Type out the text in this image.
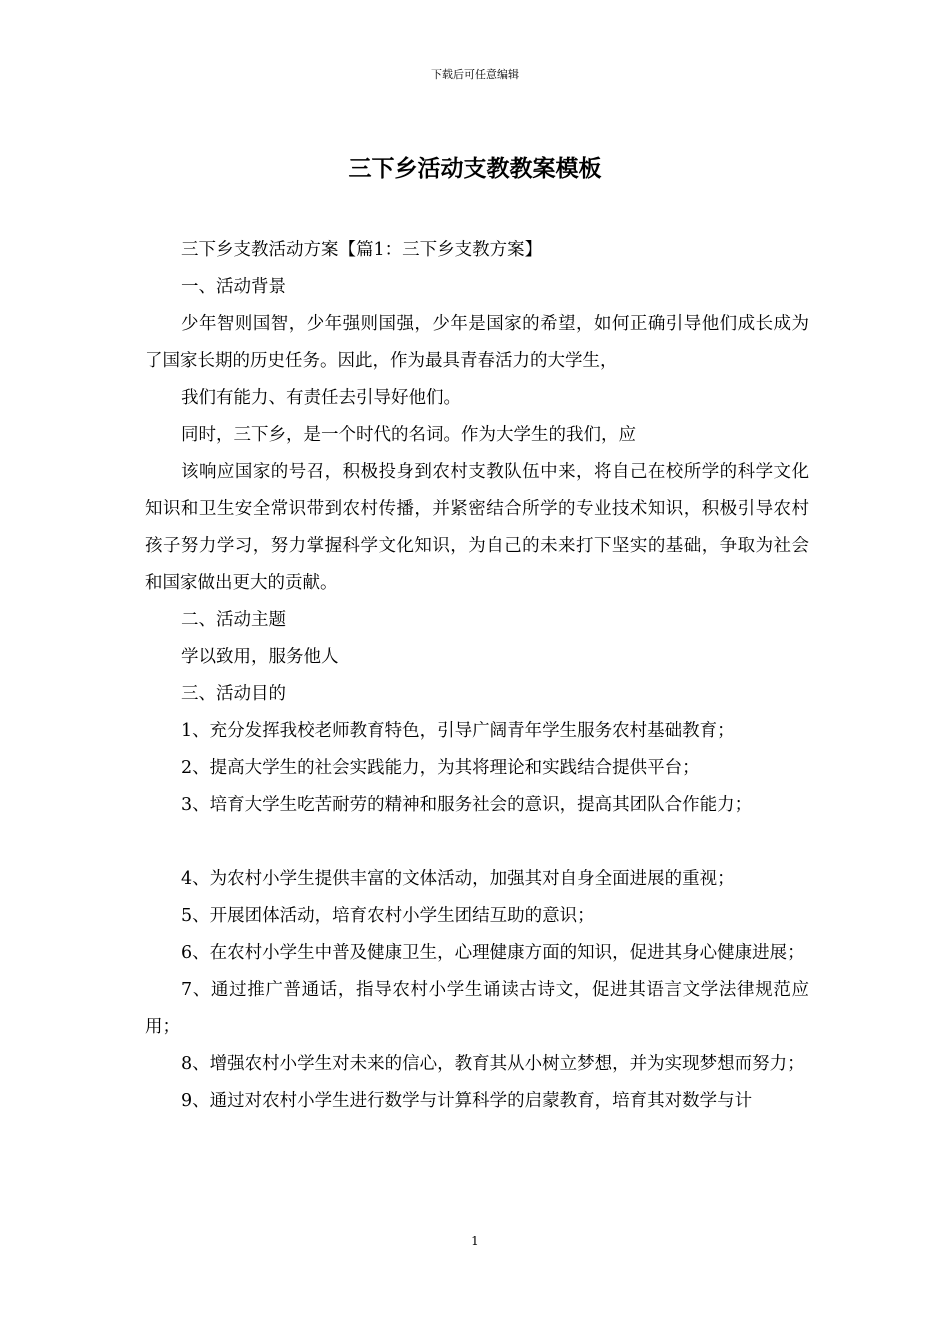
下载后可任意编辑
三下乡活动支教教案模板

三下乡支教活动方案【篇1：三下乡支教方案】

一、活动背景

少年智则国智，少年强则国强，少年是国家的希望，如何正确引导他们成长成为了国家长期的历史任务。因此，作为最具青春活力的大学生，

我们有能力、有责任去引导好他们。

同时，三下乡，是一个时代的名词。作为大学生的我们，应

该响应国家的号召，积极投身到农村支教队伍中来，将自己在校所学的科学文化知识和卫生安全常识带到农村传播，并紧密结合所学的专业技术知识，积极引导农村孩子努力学习，努力掌握科学文化知识，为自己的未来打下坚实的基础，争取为社会和国家做出更大的贡献。

二、活动主题

学以致用，服务他人

三、活动目的

1、充分发挥我校老师教育特色，引导广阔青年学生服务农村基础教育；

2、提高大学生的社会实践能力，为其将理论和实践结合提供平台；

3、培育大学生吃苦耐劳的精神和服务社会的意识，提高其团队合作能力；

4、为农村小学生提供丰富的文体活动，加强其对自身全面进展的重视；

5、开展团体活动，培育农村小学生团结互助的意识；

6、在农村小学生中普及健康卫生，心理健康方面的知识，促进其身心健康进展；

7、通过推广普通话，指导农村小学生诵读古诗文，促进其语言文学法律规范应用；

8、增强农村小学生对未来的信心，教育其从小树立梦想，并为实现梦想而努力；

9、通过对农村小学生进行数学与计算科学的启蒙教育，培育其对数学与计

1
